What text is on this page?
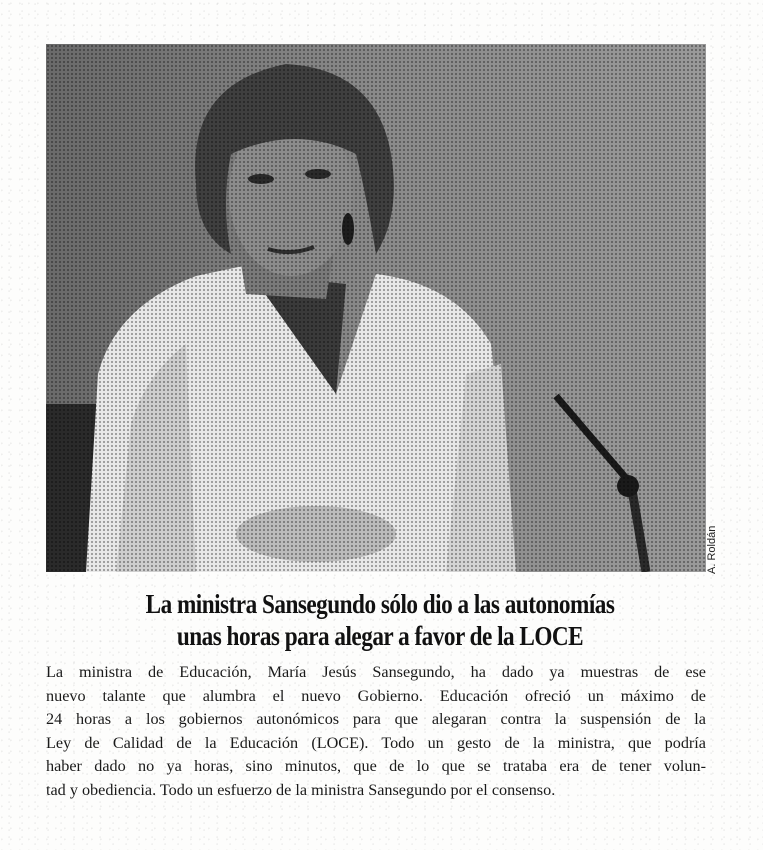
A. Roldán
La ministra Sansegundo sólo dio a las autonomías
unas horas para alegar a favor de la LOCE
La ministra de Educación, María Jesús Sansegundo, ha dado ya muestras de ese
nuevo talante que alumbra el nuevo Gobierno. Educación ofreció un máximo de
24 horas a los gobiernos autonómicos para que alegaran contra la suspensión de la
Ley de Calidad de la Educación (LOCE). Todo un gesto de la ministra, que podría
haber dado no ya horas, sino minutos, que de lo que se trataba era de tener volun-
tad y obediencia. Todo un esfuerzo de la ministra Sansegundo por el consenso.
